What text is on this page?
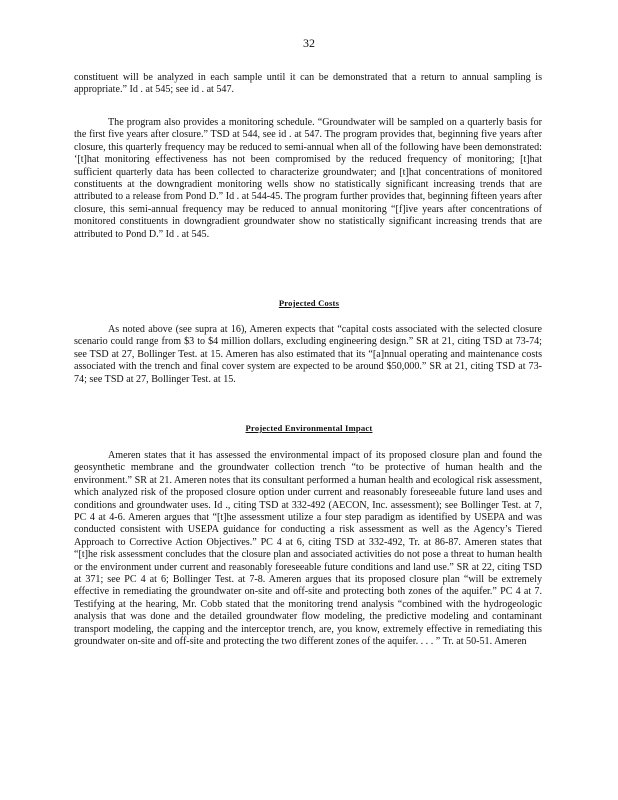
32

constituent will be analyzed in each sample until it can be demonstrated that a return to annual sampling is appropriate.” Id . at 545; see id . at 547.

The program also provides a monitoring schedule. “Groundwater will be sampled on a quarterly basis for the first five years after closure.” TSD at 544, see id . at 547. The program provides that, beginning five years after closure, this quarterly frequency may be reduced to semi-annual when all of the following have been demonstrated: ‘[t]hat monitoring effectiveness has not been compromised by the reduced frequency of monitoring; [t]hat sufficient quarterly data has been collected to characterize groundwater; and [t]hat concentrations of monitored constituents at the downgradient monitoring wells show no statistically significant increasing trends that are attributed to a release from Pond D.” Id . at 544-45. The program further provides that, beginning fifteen years after closure, this semi-annual frequency may be reduced to annual monitoring “[f]ive years after concentrations of monitored constituents in downgradient groundwater show no statistically significant increasing trends that are attributed to Pond D.” Id . at 545.

Projected Costs

As noted above (see supra at 16), Ameren expects that “capital costs associated with the selected closure scenario could range from $3 to $4 million dollars, excluding engineering design.” SR at 21, citing TSD at 73-74; see TSD at 27, Bollinger Test. at 15. Ameren has also estimated that its “[a]nnual operating and maintenance costs associated with the trench and final cover system are expected to be around $50,000.” SR at 21, citing TSD at 73-74; see TSD at 27, Bollinger Test. at 15.

Projected Environmental Impact

Ameren states that it has assessed the environmental impact of its proposed closure plan and found the geosynthetic membrane and the groundwater collection trench “to be protective of human health and the environment.” SR at 21. Ameren notes that its consultant performed a human health and ecological risk assessment, which analyzed risk of the proposed closure option under current and reasonably foreseeable future land uses and conditions and groundwater uses. Id ., citing TSD at 332-492 (AECON, Inc. assessment); see Bollinger Test. at 7, PC 4 at 4-6. Ameren argues that “[t]he assessment utilize a four step paradigm as identified by USEPA and was conducted consistent with USEPA guidance for conducting a risk assessment as well as the Agency’s Tiered Approach to Corrective Action Objectives.” PC 4 at 6, citing TSD at 332-492, Tr. at 86-87. Ameren states that “[t]he risk assessment concludes that the closure plan and associated activities do not pose a threat to human health or the environment under current and reasonably foreseeable future conditions and land use.” SR at 22, citing TSD at 371; see PC 4 at 6; Bollinger Test. at 7-8. Ameren argues that its proposed closure plan “will be extremely effective in remediating the groundwater on-site and off-site and protecting both zones of the aquifer.” PC 4 at 7. Testifying at the hearing, Mr. Cobb stated that the monitoring trend analysis “combined with the hydrogeologic analysis that was done and the detailed groundwater flow modeling, the predictive modeling and contaminant transport modeling, the capping and the interceptor trench, are, you know, extremely effective in remediating this groundwater on-site and off-site and protecting the two different zones of the aquifer. . . . ” Tr. at 50-51. Ameren
